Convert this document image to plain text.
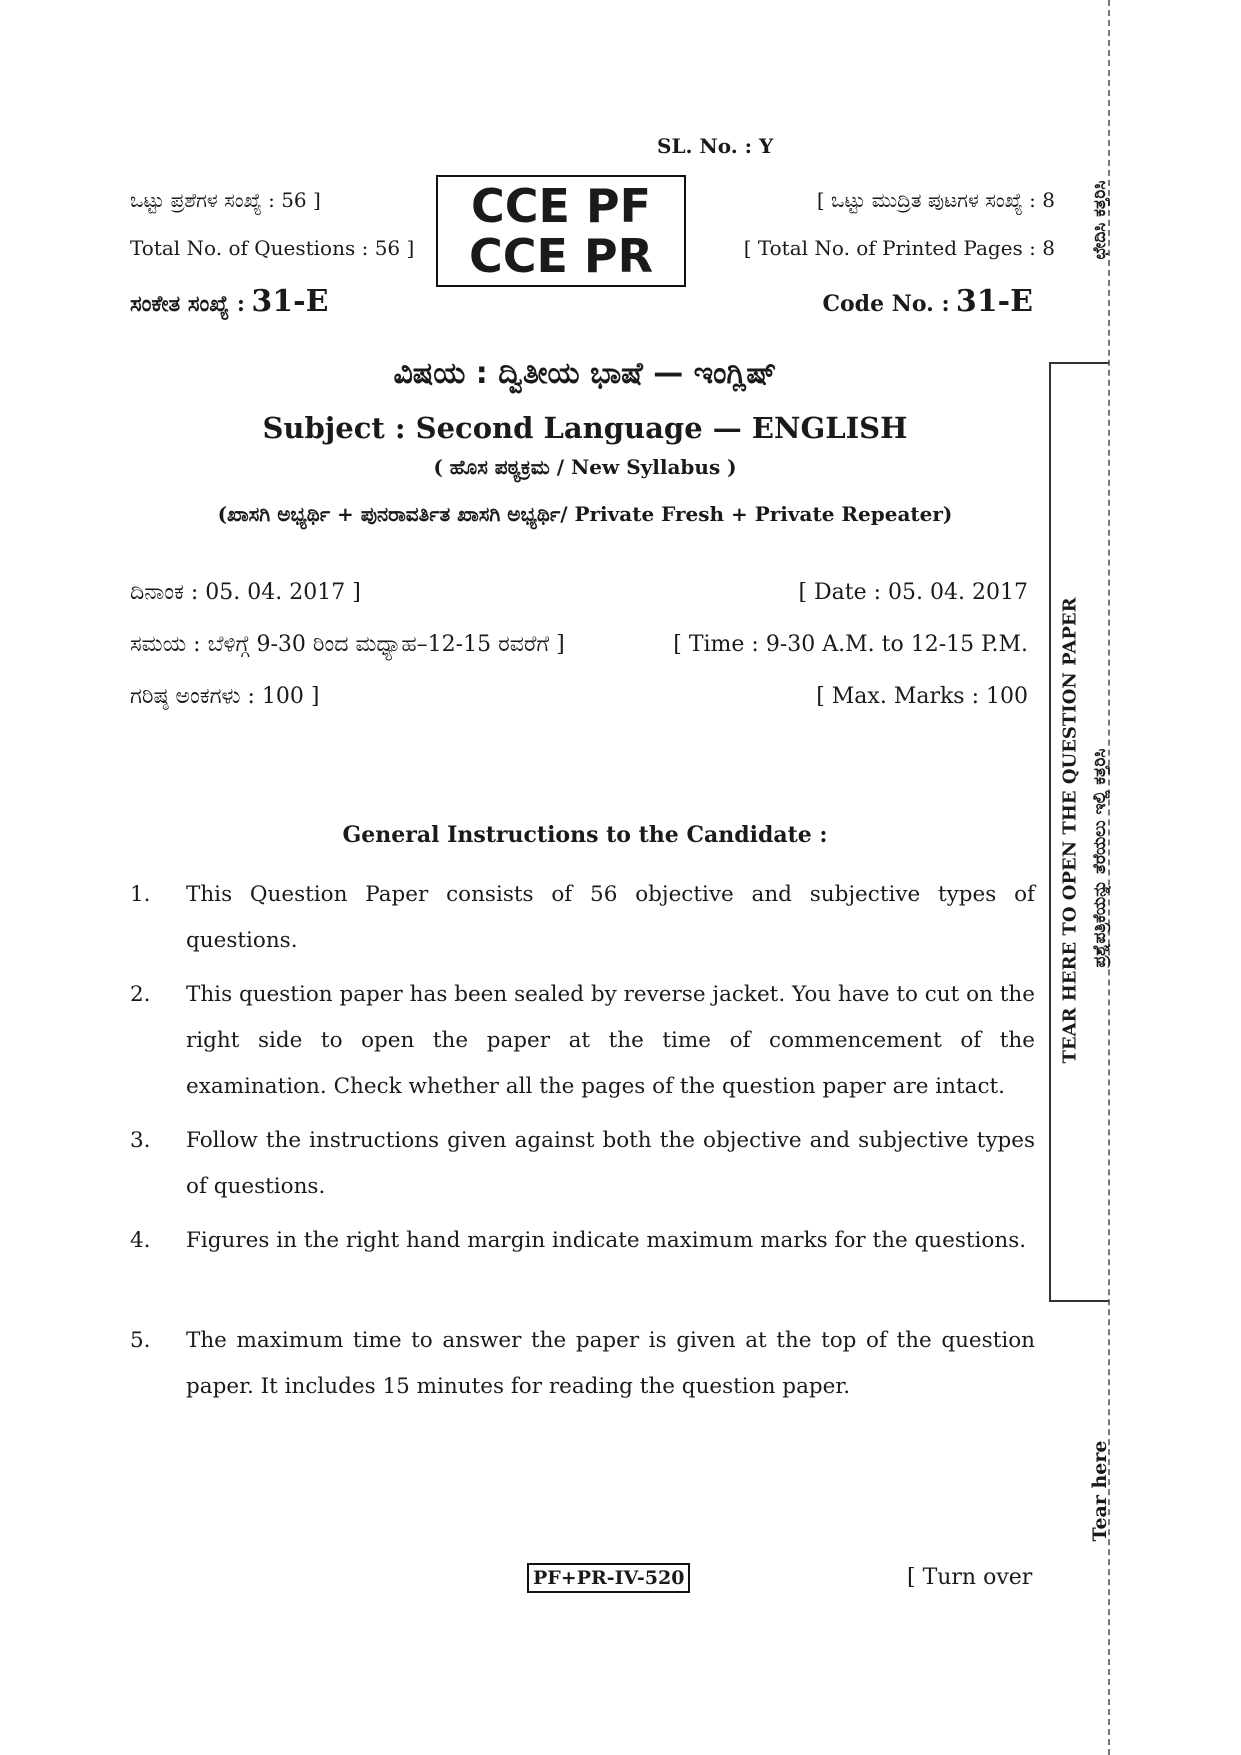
SL. No. : Y
ಒಟ್ಟು ಪ್ರಶೆಗಳ ಸಂಖ್ಯೆ : 56 ]
Total No. of Questions : 56 ]
ಸಂಕೇತ ಸಂಖ್ಯೆ : 31-E
CCE PF
CCE PR
[ ಒಟ್ಟು ಮುದ್ರಿತ ಪುಟಗಳ ಸಂಖ್ಯೆ : 8
[ Total No. of Printed Pages : 8
Code No. : 31-E
ವಿಷಯ : ದ್ವಿತೀಯ ಭಾಷೆ — ಇಂಗ್ಲಿಷ್
Subject : Second Language — ENGLISH
( ಹೊಸ ಪಠ್ಯಕ್ರಮ / New Syllabus )
(ಖಾಸಗಿ ಅಭ್ಯರ್ಥಿ + ಪುನರಾವರ್ತಿತ ಖಾಸಗಿ ಅಭ್ಯರ್ಥಿ/ Private Fresh + Private Repeater)
ದಿನಾಂಕ : 05. 04. 2017 ]	[ Date : 05. 04. 2017
ಸಮಯ : ಬೆಳಿಗ್ಗೆ 9-30 ರಿಂದ ಮಧ್ಯಾಹ–12-15 ರವರೆಗೆ ]	[ Time : 9-30 A.M. to 12-15 P.M.
ಗರಿಷ್ಠ ಅಂಕಗಳು : 100 ]	[ Max. Marks : 100
General Instructions to the Candidate :
1. This Question Paper consists of 56 objective and subjective types of questions.
2. This question paper has been sealed by reverse jacket. You have to cut on the right side to open the paper at the time of commencement of the examination. Check whether all the pages of the question paper are intact.
3. Follow the instructions given against both the objective and subjective types of questions.
4. Figures in the right hand margin indicate maximum marks for the questions.
5. The maximum time to answer the paper is given at the top of the question paper. It includes 15 minutes for reading the question paper.
PF+PR-IV-520	[ Turn over
TEAR HERE TO OPEN THE QUESTION PAPER ಪ್ರಶ್ನೆಪತ್ರಿಕೆಯನ್ನು ತೆರೆಯಲು ಇಲ್ಲಿ ಕತ್ತರಿಸಿ
ಛೇದಿಸಿ ಕತ್ತರಿಸಿ
Tear here
